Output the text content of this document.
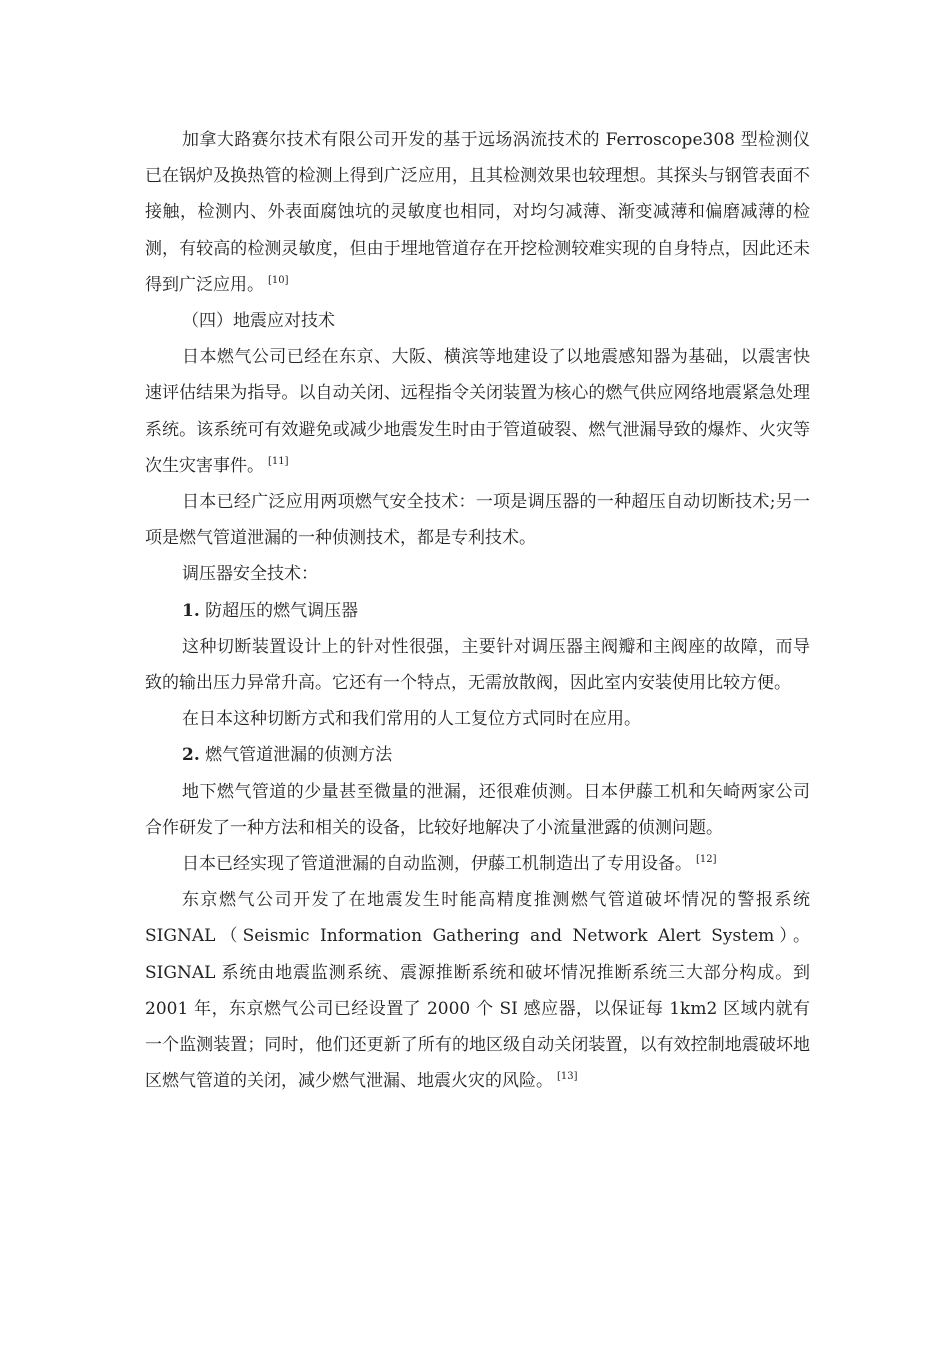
加拿大路赛尔技术有限公司开发的基于远场涡流技术的 Ferroscope308 型检测仪已在锅炉及换热管的检测上得到广泛应用，且其检测效果也较理想。其探头与钢管表面不接触，检测内、外表面腐蚀坑的灵敏度也相同，对均匀减薄、渐变减薄和偏磨减薄的检测，有较高的检测灵敏度，但由于埋地管道存在开挖检测较难实现的自身特点，因此还未得到广泛应用。 [10]

（四）地震应对技术

日本燃气公司已经在东京、大阪、横滨等地建设了以地震感知器为基础，以震害快速评估结果为指导。以自动关闭、远程指令关闭装置为核心的燃气供应网络地震紧急处理系统。该系统可有效避免或减少地震发生时由于管道破裂、燃气泄漏导致的爆炸、火灾等次生灾害事件。 [11]

日本已经广泛应用两项燃气安全技术：一项是调压器的一种超压自动切断技术;另一项是燃气管道泄漏的一种侦测技术，都是专利技术。

调压器安全技术：

1. 防超压的燃气调压器

这种切断装置设计上的针对性很强，主要针对调压器主阀瓣和主阀座的故障，而导致的输出压力异常升高。它还有一个特点，无需放散阀，因此室内安装使用比较方便。

在日本这种切断方式和我们常用的人工复位方式同时在应用。

2. 燃气管道泄漏的侦测方法

地下燃气管道的少量甚至微量的泄漏，还很难侦测。日本伊藤工机和矢崎两家公司合作研发了一种方法和相关的设备，比较好地解决了小流量泄露的侦测问题。

日本已经实现了管道泄漏的自动监测，伊藤工机制造出了专用设备。 [12]

东京燃气公司开发了在地震发生时能高精度推测燃气管道破坏情况的警报系统 SIGNAL（Seismic Information Gathering and Network Alert System）。SIGNAL 系统由地震监测系统、震源推断系统和破坏情况推断系统三大部分构成。到 2001 年，东京燃气公司已经设置了 2000 个 SI 感应器，以保证每 1km2 区域内就有一个监测装置；同时，他们还更新了所有的地区级自动关闭装置，以有效控制地震破坏地区燃气管道的关闭，减少燃气泄漏、地震火灾的风险。 [13]
